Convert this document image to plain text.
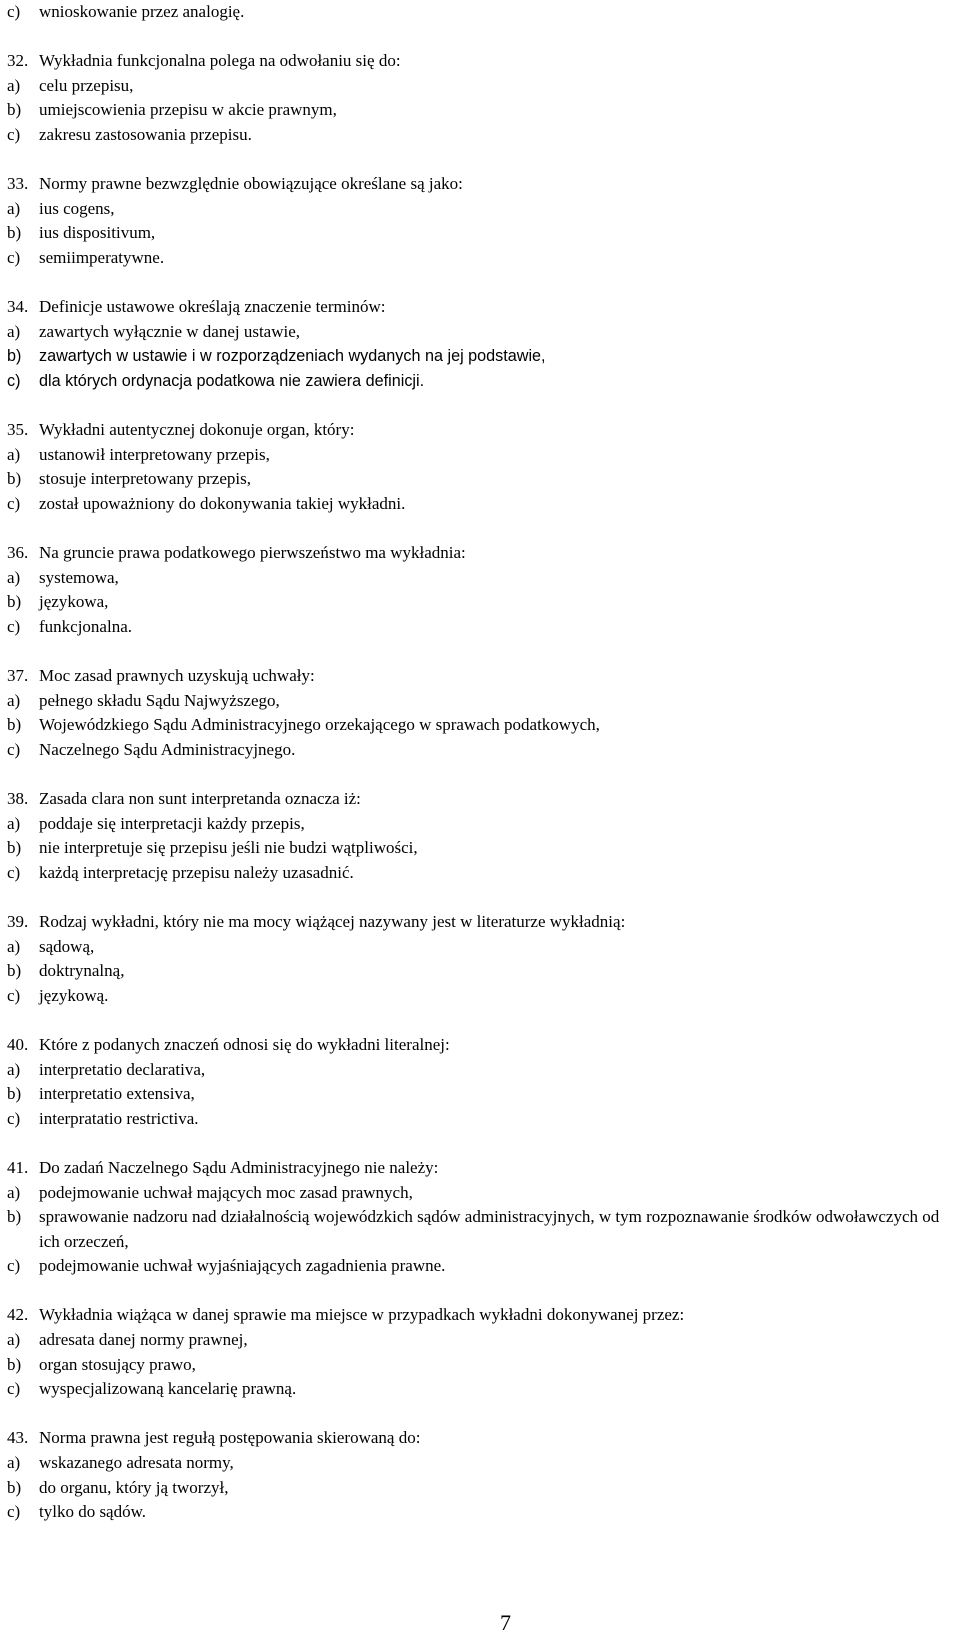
c)	wnioskowanie przez analogię.
32. Wykładnia funkcjonalna polega na odwołaniu się do:
a)	celu przepisu,
b)	umiejscowienia przepisu w akcie prawnym,
c)	zakresu zastosowania przepisu.
33. Normy prawne bezwzględnie obowiązujące określane są jako:
a)	ius cogens,
b)	ius dispositivum,
c)	semiimperatywne.
34. Definicje ustawowe określają znaczenie terminów:
a)	zawartych wyłącznie w danej ustawie,
b)	zawartych w ustawie i w rozporządzeniach wydanych na jej podstawie,
c)	dla których ordynacja podatkowa nie zawiera definicji.
35. Wykładni autentycznej dokonuje organ, który:
a)	ustanowił interpretowany przepis,
b)	stosuje interpretowany przepis,
c)	został upoważniony do dokonywania takiej wykładni.
36. Na gruncie prawa podatkowego pierwszeństwo ma wykładnia:
a)	systemowa,
b)	językowa,
c)	funkcjonalna.
37. Moc zasad prawnych uzyskują uchwały:
a)	pełnego składu Sądu Najwyższego,
b)	Wojewódzkiego Sądu Administracyjnego orzekającego w sprawach podatkowych,
c)	Naczelnego Sądu Administracyjnego.
38. Zasada clara non sunt interpretanda oznacza iż:
a)	poddaje się interpretacji każdy przepis,
b)	nie interpretuje się przepisu jeśli nie budzi wątpliwości,
c)	każdą interpretację przepisu należy uzasadnić.
39. Rodzaj wykładni, który nie ma mocy wiążącej nazywany jest w literaturze wykładnią:
a)	sądową,
b)	doktrynalną,
c)	językową.
40. Które z podanych znaczeń odnosi się do wykładni literalnej:
a)	interpretatio declarativa,
b)	interpretatio extensiva,
c)	interpratatio restrictiva.
41. Do zadań Naczelnego Sądu Administracyjnego nie należy:
a)	podejmowanie uchwał mających moc zasad prawnych,
b)	sprawowanie nadzoru nad działalnością wojewódzkich sądów administracyjnych, w tym rozpoznawanie środków odwoławczych od ich orzeczeń,
c)	podejmowanie uchwał wyjaśniających zagadnienia prawne.
42. Wykładnia wiążąca w danej sprawie ma miejsce w przypadkach wykładni dokonywanej przez:
a)	adresata danej normy prawnej,
b)	organ stosujący prawo,
c)	wyspecjalizowaną kancelarię prawną.
43. Norma prawna jest regułą postępowania skierowaną do:
a)	wskazanego adresata normy,
b)	do organu, który ją tworzył,
c)	tylko do sądów.
7
